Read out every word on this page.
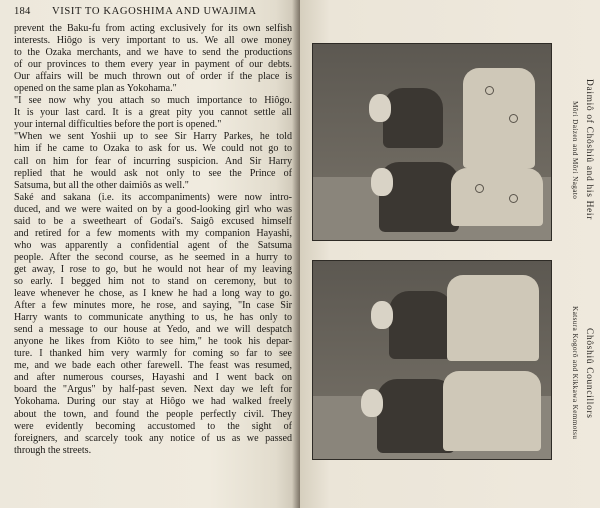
184 VISIT TO KAGOSHIMA AND UWAJIMA
prevent the Baku-fu from acting exclusively for its own selfish
interests. Hiôgo is very important to us. We all owe money
to the Ozaka merchants, and we have to send the productions
of our provinces to them every year in payment of our debts.
Our affairs will be much thrown out of order if the place is
opened on the same plan as Yokohama."
"I see now why you attach so much importance to Hiôgo.
It is your last card. It is a great pity you cannot settle all
your internal difficulties before the port is opened."
"When we sent Yoshii up to see Sir Harry Parkes, he told
him if he came to Ozaka to ask for us. We could not go to
call on him for fear of incurring suspicion. And Sir Harry
replied that he would ask not only to see the Prince of
Satsuma, but all the other daimiôs as well."
Saké and sakana (i.e. its accompaniments) were now intro-
duced, and we were waited on by a good-looking girl who was
said to be a sweetheart of Godai's. Saigô excused himself
and retired for a few moments with my companion Hayashi,
who was apparently a confidential agent of the Satsuma
people. After the second course, as he seemed in a hurry to
get away, I rose to go, but he would not hear of my leaving
so early. I begged him not to stand on ceremony, but to
leave whenever he chose, as I knew he had a long way to go.
After a few minutes more, he rose, and saying, "In case Sir
Harry wants to communicate anything to us, he has only to
send a message to our house at Yedo, and we will despatch
anyone he likes from Kiôto to see him," he took his depar-
ture. I thanked him very warmly for coming so far to see
me, and we bade each other farewell. The feast was resumed,
and after numerous courses, Hayashi and I went back on
board the "Argus" by half-past seven. Next day we left for
Yokohama. During our stay at Hiôgo we had walked freely
about the town, and found the people perfectly civil. They
were evidently becoming accustomed to the sight of
foreigners, and scarcely took any notice of us as we passed
through the streets.
Daimiô of Chôshiû and his Heir
Môri Daizen and Môri Nagato
Chôshiû Councillors
Katsura Kogorô and Kikkawa Kemmotsu
